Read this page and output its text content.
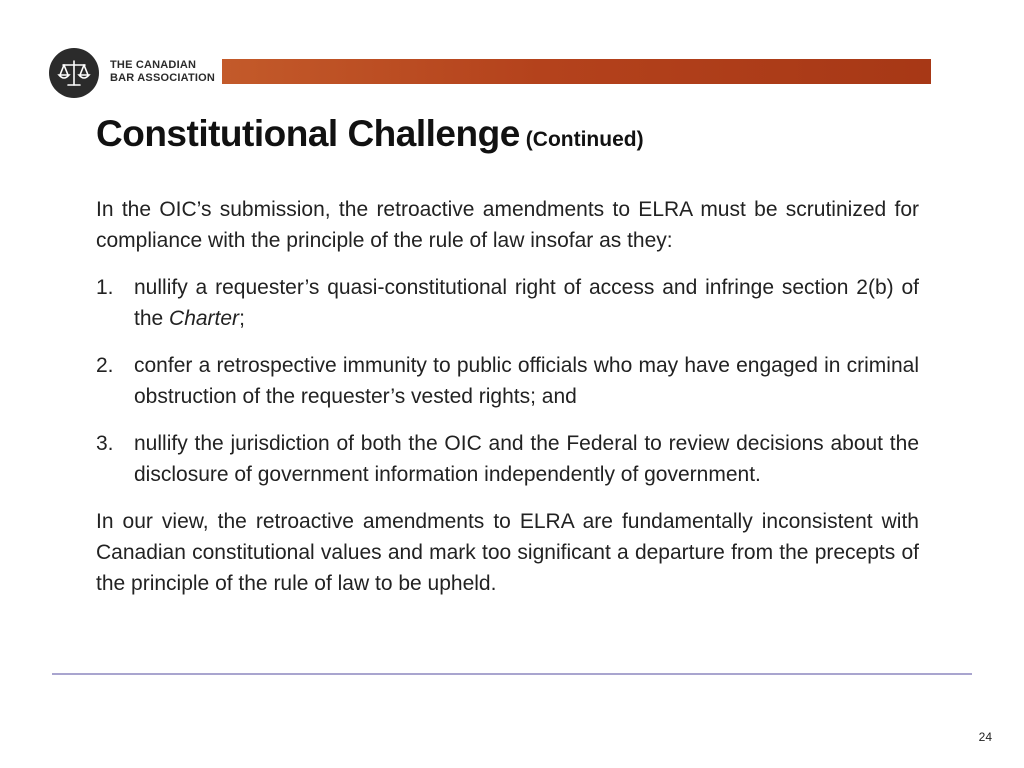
THE CANADIAN
BAR ASSOCIATION
Constitutional Challenge (Continued)

In the OIC’s submission, the retroactive amendments to ELRA must be scrutinized for compliance with the principle of the rule of law insofar as they:

1. nullify a requester’s quasi-constitutional right of access and infringe section 2(b) of the Charter;
2. confer a retrospective immunity to public officials who may have engaged in criminal obstruction of the requester’s vested rights; and
3. nullify the jurisdiction of both the OIC and the Federal to review decisions about the disclosure of government information independently of government.

In our view, the retroactive amendments to ELRA are fundamentally inconsistent with Canadian constitutional values and mark too significant a departure from the precepts of the principle of the rule of law to be upheld.

24
